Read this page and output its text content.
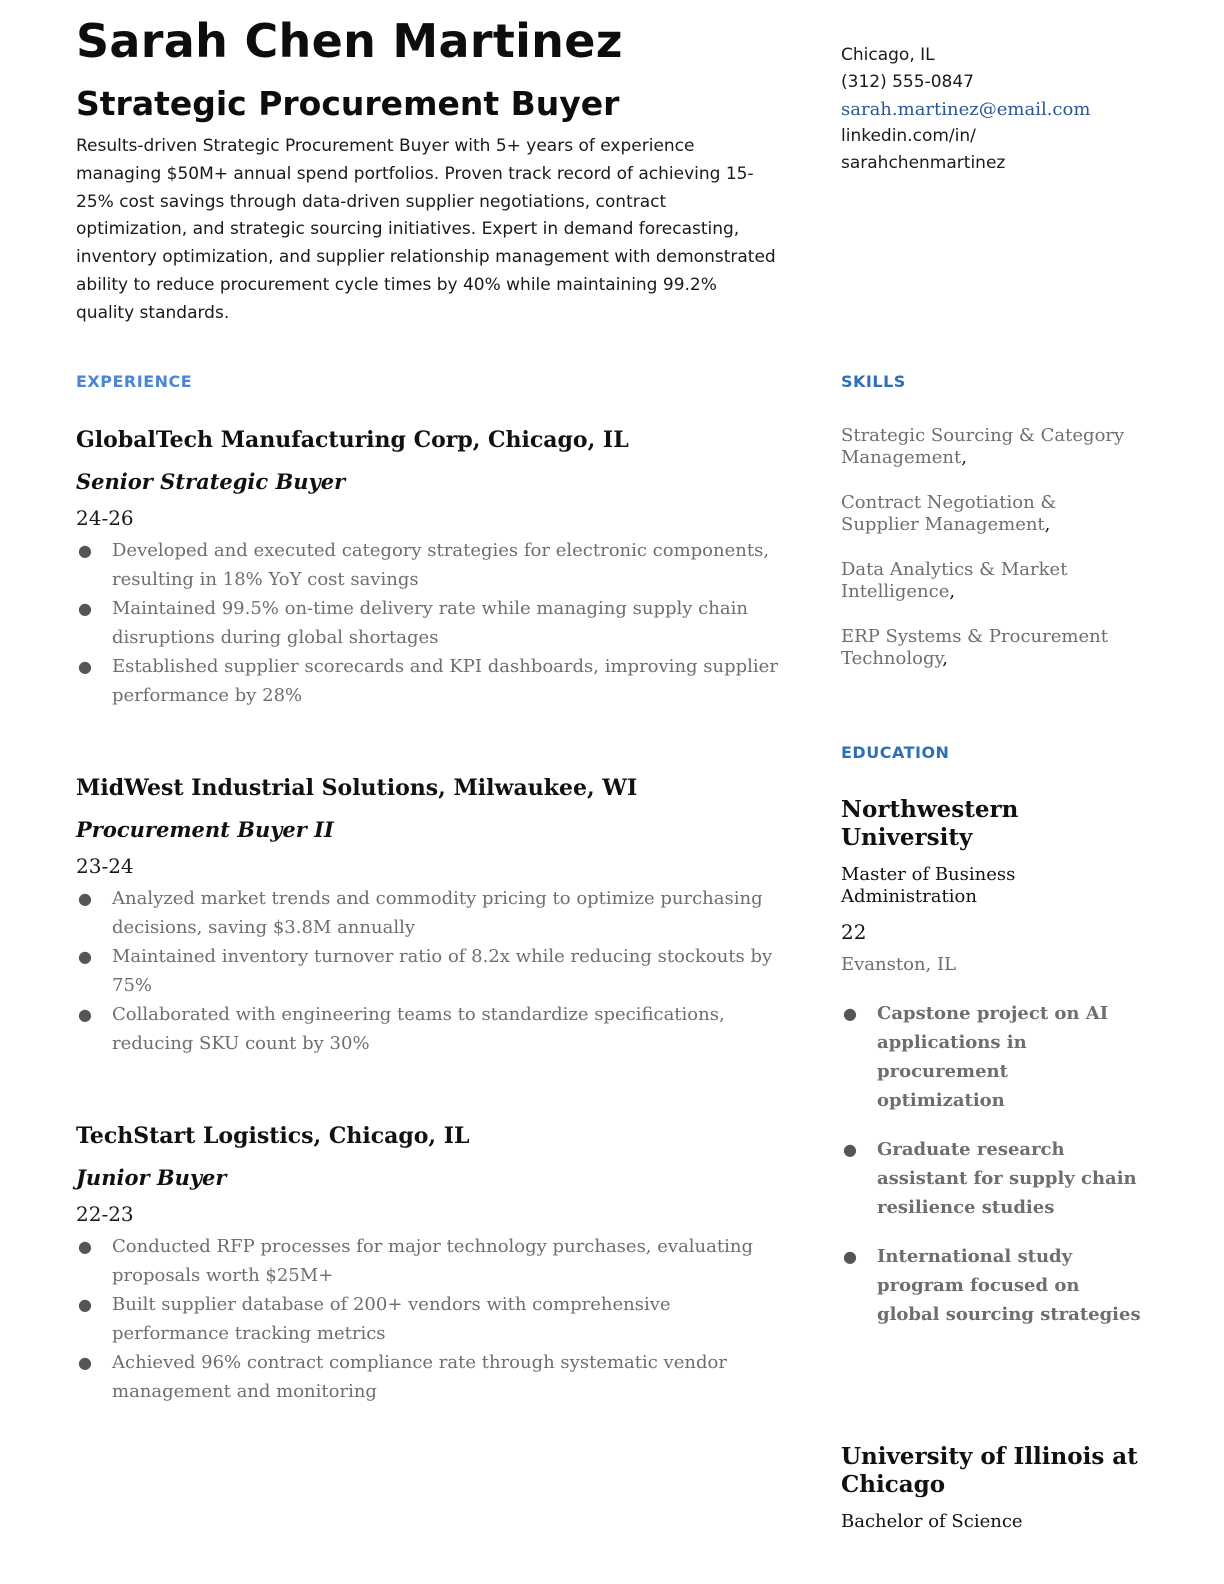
Sarah Chen Martinez
Strategic Procurement Buyer

Results-driven Strategic Procurement Buyer with 5+ years of experience managing $50M+ annual spend portfolios. Proven track record of achieving 15-25% cost savings through data-driven supplier negotiations, contract optimization, and strategic sourcing initiatives. Expert in demand forecasting, inventory optimization, and supplier relationship management with demonstrated ability to reduce procurement cycle times by 40% while maintaining 99.2% quality standards.

Chicago, IL
(312) 555-0847
sarah.martinez@email.com
linkedin.com/in/
sarahchenmartinez
EXPERIENCE	SKILLS
EDUCATION
GlobalTech Manufacturing Corp, Chicago, IL

Senior Strategic Buyer

24-26

● Developed and executed category strategies for electronic components, resulting in 18% YoY cost savings
● Maintained 99.5% on-time delivery rate while managing supply chain disruptions during global shortages
● Established supplier scorecards and KPI dashboards, improving supplier performance by 28%
MidWest Industrial Solutions, Milwaukee, WI

Procurement Buyer II

23-24

● Analyzed market trends and commodity pricing to optimize purchasing decisions, saving $3.8M annually
● Maintained inventory turnover ratio of 8.2x while reducing stockouts by 75%
● Collaborated with engineering teams to standardize specifications, reducing SKU count by 30%
TechStart Logistics, Chicago, IL

Junior Buyer

22-23

● Conducted RFP processes for major technology purchases, evaluating proposals worth $25M+
● Built supplier database of 200+ vendors with comprehensive performance tracking metrics
● Achieved 96% contract compliance rate through systematic vendor management and monitoring
Strategic Sourcing & Category Management,
Contract Negotiation & Supplier Management,
Data Analytics & Market Intelligence,
ERP Systems & Procurement Technology,
Northwestern University

Master of Business Administration

22

Evanston, IL

● Capstone project on AI applications in procurement optimization
● Graduate research assistant for supply chain resilience studies
● International study program focused on global sourcing strategies
University of Illinois at Chicago

Bachelor of Science
